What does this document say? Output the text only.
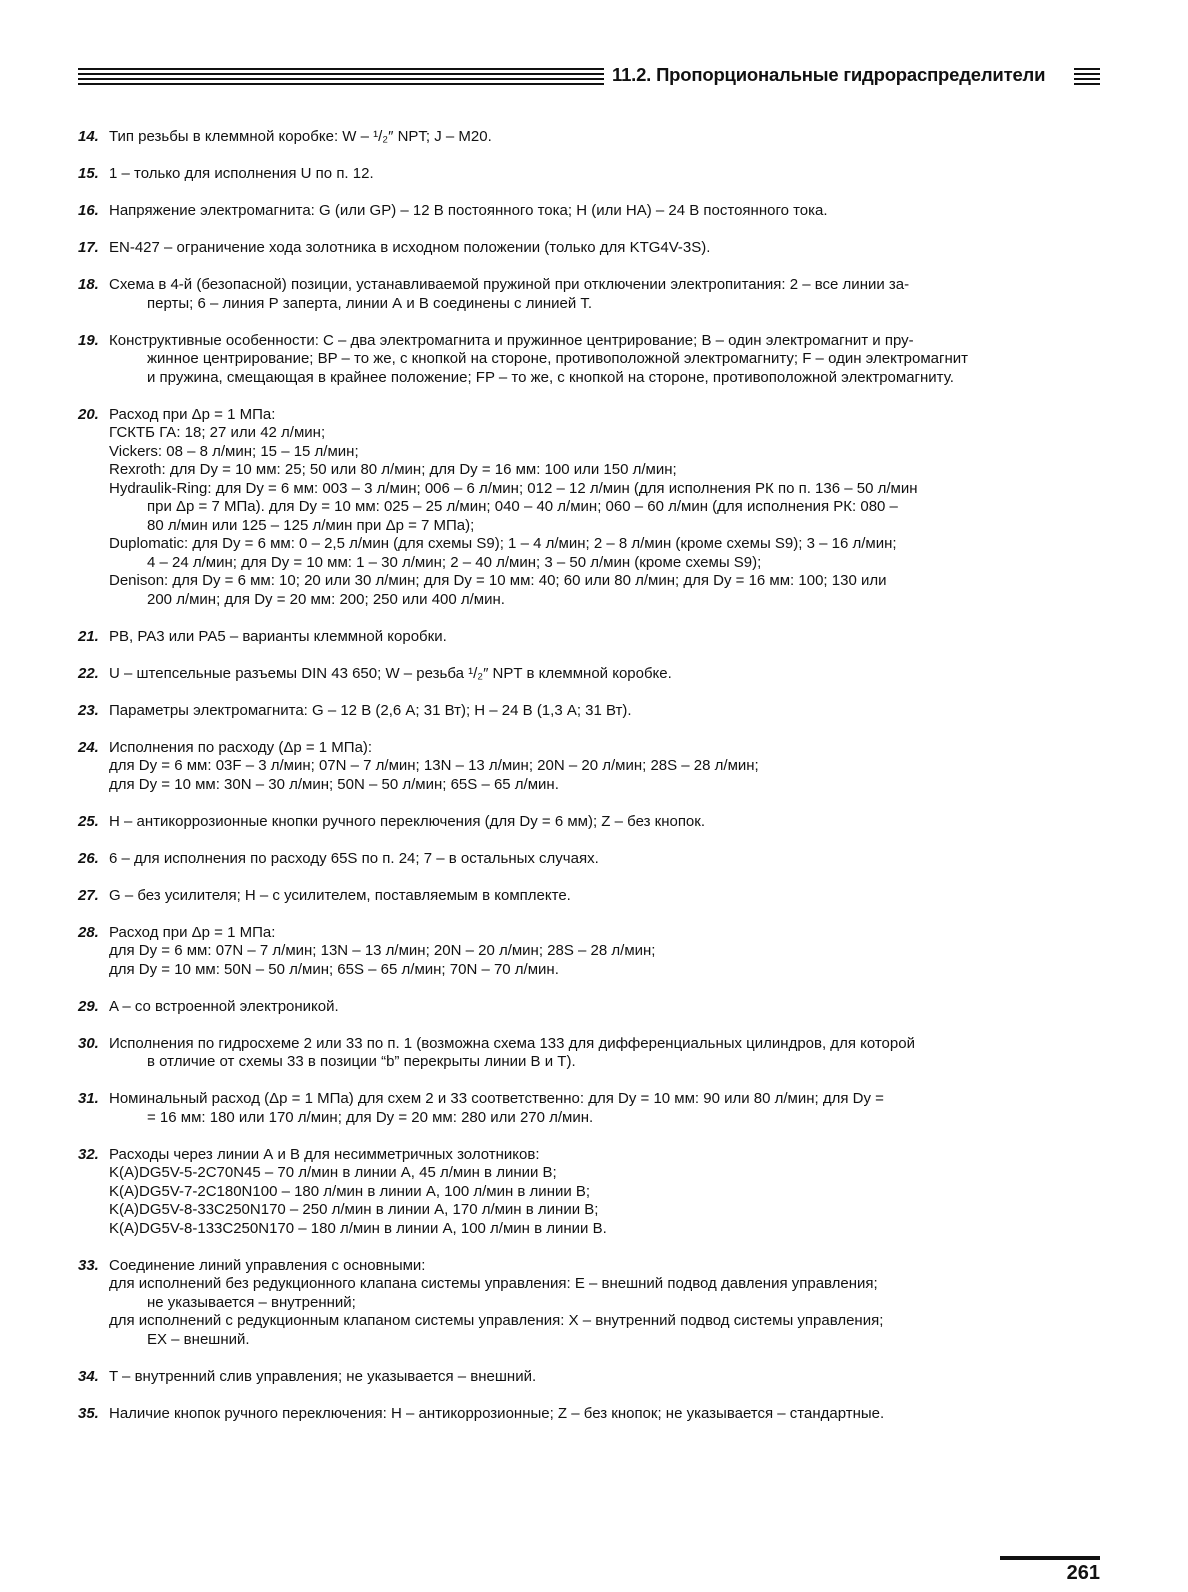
11.2. Пропорциональные гидрораспределители
14. Тип резьбы в клеммной коробке: W – ¹/₂″ NPT; J – M20.
15. 1 – только для исполнения U по п. 12.
16. Напряжение электромагнита: G (или GP) – 12 В постоянного тока; H (или HA) – 24 В постоянного тока.
17. EN-427 – ограничение хода золотника в исходном положении (только для KTG4V-3S).
18. Схема в 4-й (безопасной) позиции, устанавливаемой пружиной при отключении электропитания: 2 – все линии за-
перты; 6 – линия Р заперта, линии А и В соединены с линией Т.
19. Конструктивные особенности: C – два электромагнита и пружинное центрирование; B – один электромагнит и пру-
жинное центрирование; BP – то же, с кнопкой на стороне, противоположной электромагниту; F – один электромагнит
и пружина, смещающая в крайнее положение; FP – то же, с кнопкой на стороне, противоположной электромагниту.
20. Расход при Δp = 1 МПа:
ГСКТБ ГА: 18; 27 или 42 л/мин;
Vickers: 08 – 8 л/мин; 15 – 15 л/мин;
Rexroth: для Dy = 10 мм: 25; 50 или 80 л/мин; для Dy = 16 мм: 100 или 150 л/мин;
Hydraulik-Ring: для Dy = 6 мм: 003 – 3 л/мин; 006 – 6 л/мин; 012 – 12 л/мин (для исполнения РК по п. 136 – 50 л/мин
при Δp = 7 МПа). для Dy = 10 мм: 025 – 25 л/мин; 040 – 40 л/мин; 060 – 60 л/мин (для исполнения РК: 080 –
80 л/мин или 125 – 125 л/мин при Δp = 7 МПа);
Duplomatic: для Dy = 6 мм: 0 – 2,5 л/мин (для схемы S9); 1 – 4 л/мин; 2 – 8 л/мин (кроме схемы S9); 3 – 16 л/мин;
4 – 24 л/мин; для Dy = 10 мм: 1 – 30 л/мин; 2 – 40 л/мин; 3 – 50 л/мин (кроме схемы S9);
Denison: для Dy = 6 мм: 10; 20 или 30 л/мин; для Dy = 10 мм: 40; 60 или 80 л/мин; для Dy = 16 мм: 100; 130 или
200 л/мин; для Dy = 20 мм: 200; 250 или 400 л/мин.
21. PB, PA3 или PA5 – варианты клеммной коробки.
22. U – штепсельные разъемы DIN 43 650; W – резьба ¹/₂″ NPT в клеммной коробке.
23. Параметры электромагнита: G – 12 В (2,6 А; 31 Вт); H – 24 В (1,3 А; 31 Вт).
24. Исполнения по расходу (Δp = 1 МПа):
для Dy = 6 мм: 03F – 3 л/мин; 07N – 7 л/мин; 13N – 13 л/мин; 20N – 20 л/мин; 28S – 28 л/мин;
для Dy = 10 мм: 30N – 30 л/мин; 50N – 50 л/мин; 65S – 65 л/мин.
25. H – антикоррозионные кнопки ручного переключения (для Dy = 6 мм); Z – без кнопок.
26. 6 – для исполнения по расходу 65S по п. 24; 7 – в остальных случаях.
27. G – без усилителя; H – с усилителем, поставляемым в комплекте.
28. Расход при Δp = 1 МПа:
для Dy = 6 мм: 07N – 7 л/мин; 13N – 13 л/мин; 20N – 20 л/мин; 28S – 28 л/мин;
для Dy = 10 мм: 50N – 50 л/мин; 65S – 65 л/мин; 70N – 70 л/мин.
29. A – со встроенной электроникой.
30. Исполнения по гидросхеме 2 или 33 по п. 1 (возможна схема 133 для дифференциальных цилиндров, для которой
в отличие от схемы 33 в позиции “b” перекрыты линии В и Т).
31. Номинальный расход (Δp = 1 МПа) для схем 2 и 33 соответственно: для Dy = 10 мм: 90 или 80 л/мин; для Dy =
= 16 мм: 180 или 170 л/мин; для Dy = 20 мм: 280 или 270 л/мин.
32. Расходы через линии А и В для несимметричных золотников:
K(A)DG5V-5-2C70N45 – 70 л/мин в линии А, 45 л/мин в линии В;
K(A)DG5V-7-2C180N100 – 180 л/мин в линии А, 100 л/мин в линии В;
K(A)DG5V-8-33C250N170 – 250 л/мин в линии А, 170 л/мин в линии В;
K(A)DG5V-8-133C250N170 – 180 л/мин в линии А, 100 л/мин в линии В.
33. Соединение линий управления с основными:
для исполнений без редукционного клапана системы управления: E – внешний подвод давления управления;
не указывается – внутренний;
для исполнений с редукционным клапаном системы управления: X – внутренний подвод системы управления;
EX – внешний.
34. T – внутренний слив управления; не указывается – внешний.
35. Наличие кнопок ручного переключения: H – антикоррозионные; Z – без кнопок; не указывается – стандартные.
261
